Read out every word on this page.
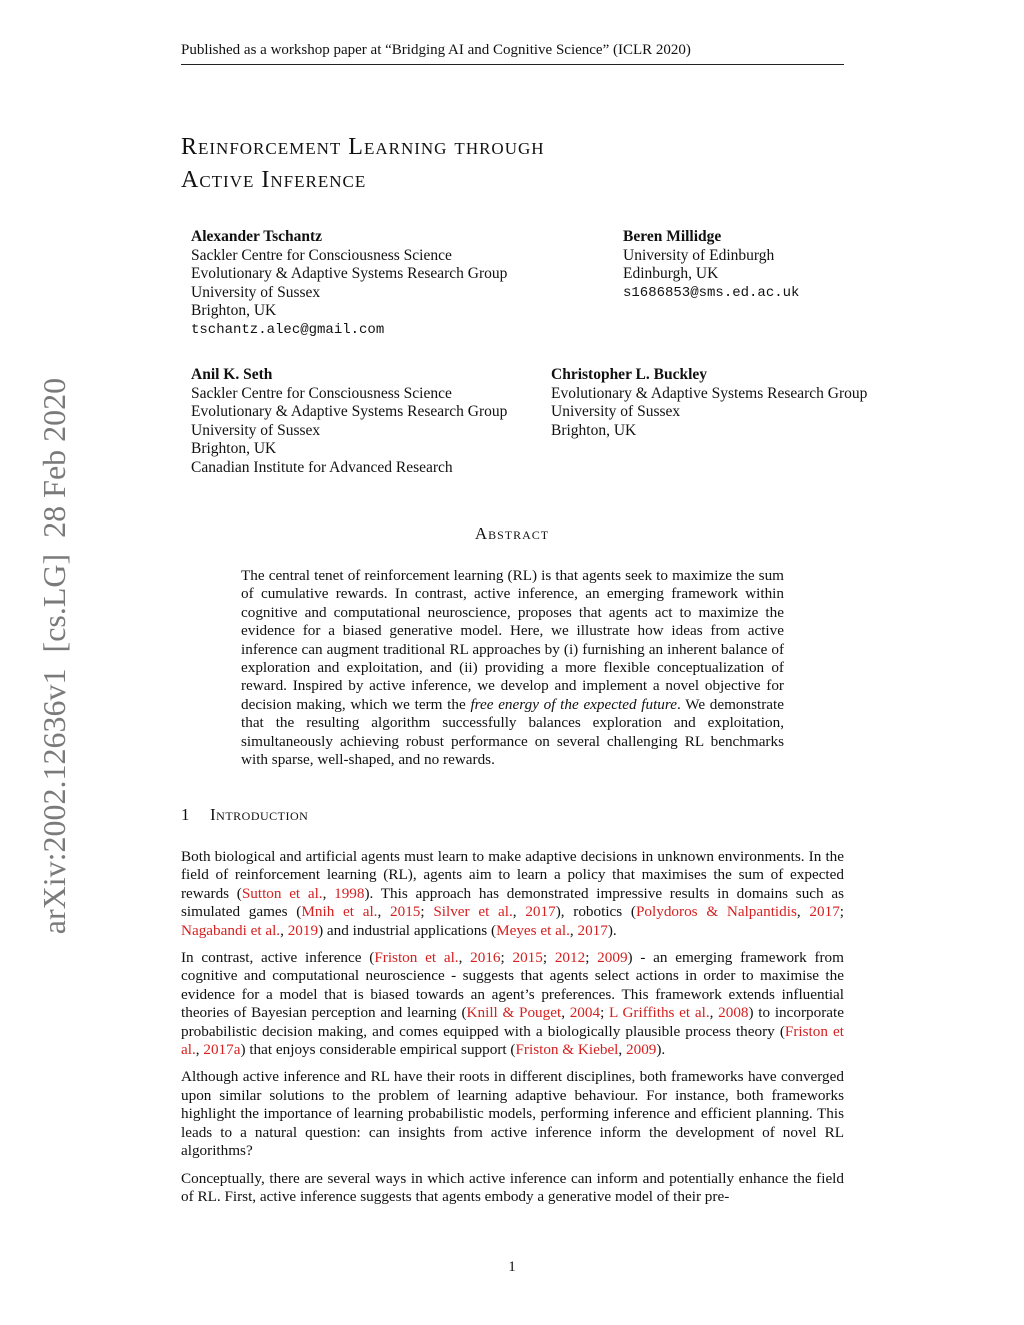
Published as a workshop paper at “Bridging AI and Cognitive Science” (ICLR 2020)
arXiv:2002.12636v1[cs.LG]28 Feb 2020
Reinforcement Learning through
Active Inference
Alexander Tschantz
Sackler Centre for Consciousness Science
Evolutionary & Adaptive Systems Research Group
University of Sussex
Brighton, UK
tschantz.alec@gmail.com
Beren Millidge
University of Edinburgh
Edinburgh, UK
s1686853@sms.ed.ac.uk
Anil K. Seth
Sackler Centre for Consciousness Science
Evolutionary & Adaptive Systems Research Group
University of Sussex
Brighton, UK
Canadian Institute for Advanced Research
Christopher L. Buckley
Evolutionary & Adaptive Systems Research Group
University of Sussex
Brighton, UK
Abstract
The central tenet of reinforcement learning (RL) is that agents seek to maximize the sum of cumulative rewards. In contrast, active inference, an emerging framework within cognitive and computational neuroscience, proposes that agents act to maximize the evidence for a biased generative model. Here, we illustrate how ideas from active inference can augment traditional RL approaches by (i) furnishing an inherent balance of exploration and exploitation, and (ii) providing a more flexible conceptualization of reward. Inspired by active inference, we develop and implement a novel objective for decision making, which we term the free energy of the expected future. We demonstrate that the resulting algorithm successfully balances exploration and exploitation, simultaneously achieving robust performance on several challenging RL benchmarks with sparse, well-shaped, and no rewards.
1 Introduction

Both biological and artificial agents must learn to make adaptive decisions in unknown environments. In the field of reinforcement learning (RL), agents aim to learn a policy that maximises the sum of expected rewards (Sutton et al., 1998). This approach has demonstrated impressive results in domains such as simulated games (Mnih et al., 2015; Silver et al., 2017), robotics (Polydoros & Nalpantidis, 2017; Nagabandi et al., 2019) and industrial applications (Meyes et al., 2017).

In contrast, active inference (Friston et al., 2016; 2015; 2012; 2009) - an emerging framework from cognitive and computational neuroscience - suggests that agents select actions in order to maximise the evidence for a model that is biased towards an agent’s preferences. This framework extends influential theories of Bayesian perception and learning (Knill & Pouget, 2004; L Griffiths et al., 2008) to incorporate probabilistic decision making, and comes equipped with a biologically plausible process theory (Friston et al., 2017a) that enjoys considerable empirical support (Friston & Kiebel, 2009).

Although active inference and RL have their roots in different disciplines, both frameworks have converged upon similar solutions to the problem of learning adaptive behaviour. For instance, both frameworks highlight the importance of learning probabilistic models, performing inference and efficient planning. This leads to a natural question: can insights from active inference inform the development of novel RL algorithms?

Conceptually, there are several ways in which active inference can inform and potentially enhance the field of RL. First, active inference suggests that agents embody a generative model of their pre-

1
